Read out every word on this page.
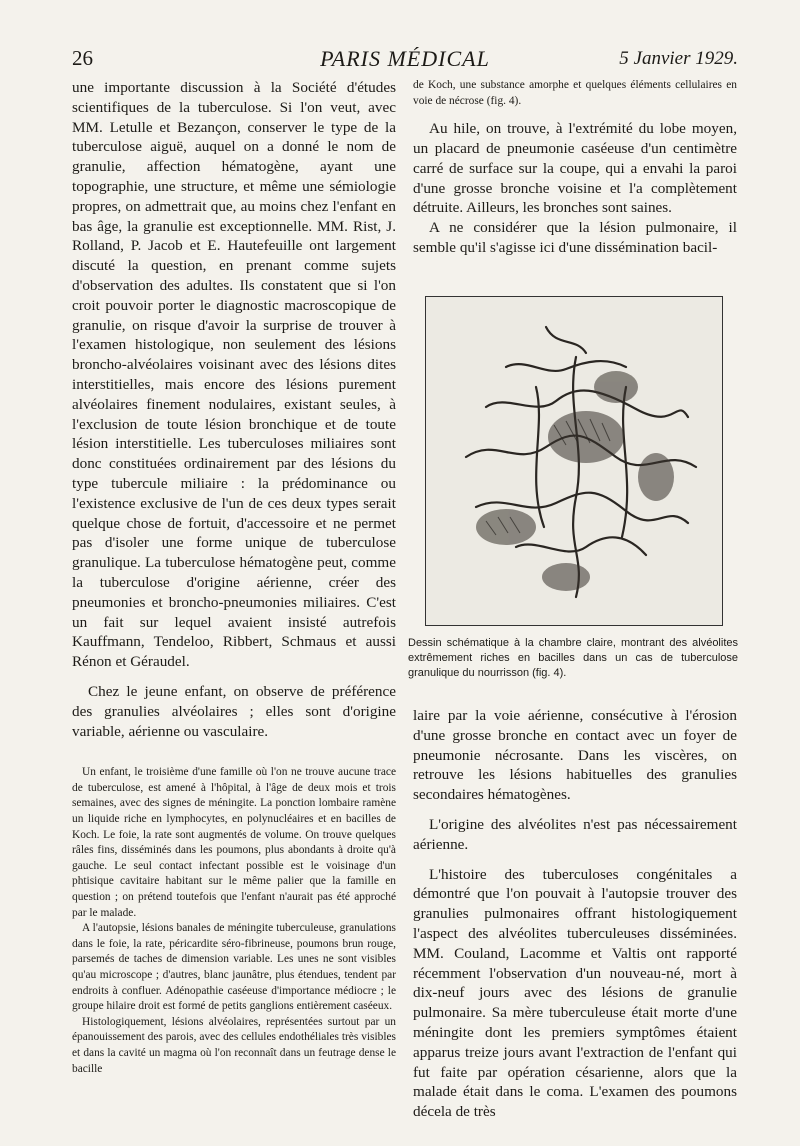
26	PARIS MÉDICAL	5 Janvier 1929.

une importante discussion à la Société d'études scientifiques de la tuberculose. Si l'on veut, avec MM. Letulle et Bezançon, conserver le type de la tuberculose aiguë, auquel on a donné le nom de granulie, affection hématogène, ayant une topographie, une structure, et même une sémiologie propres, on admettrait que, au moins chez l'enfant en bas âge, la granulie est exceptionnelle. MM. Rist, J. Rolland, P. Jacob et E. Hautefeuille ont largement discuté la question, en prenant comme sujets d'observation des adultes. Ils constatent que si l'on croit pouvoir porter le diagnostic macroscopique de granulie, on risque d'avoir la surprise de trouver à l'examen histologique, non seulement des lésions broncho-alvéolaires voisinant avec des lésions dites interstitielles, mais encore des lésions purement alvéolaires finement nodulaires, existant seules, à l'exclusion de toute lésion bronchique et de toute lésion interstitielle. Les tuberculoses miliaires sont donc constituées ordinairement par des lésions du type tubercule miliaire : la prédominance ou l'existence exclusive de l'un de ces deux types serait quelque chose de fortuit, d'accessoire et ne permet pas d'isoler une forme unique de tuberculose granulique. La tuberculose hématogène peut, comme la tuberculose d'origine aérienne, créer des pneumonies et broncho-pneumonies miliaires. C'est un fait sur lequel avaient insisté autrefois Kauffmann, Tendeloo, Ribbert, Schmaus et aussi Rénon et Géraudel.

Chez le jeune enfant, on observe de préférence des granulies alvéolaires ; elles sont d'origine variable, aérienne ou vasculaire.

Un enfant, le troisième d'une famille où l'on ne trouve aucune trace de tuberculose, est amené à l'hôpital, à l'âge de deux mois et trois semaines, avec des signes de méningite. La ponction lombaire ramène un liquide riche en lymphocytes, en polynucléaires et en bacilles de Koch. Le foie, la rate sont augmentés de volume. On trouve quelques râles fins, disséminés dans les poumons, plus abondants à droite qu'à gauche. Le seul contact infectant possible est le voisinage d'un phtisique cavitaire habitant sur le même palier que la famille en question ; on prétend toutefois que l'enfant n'aurait pas été approché par le malade.

A l'autopsie, lésions banales de méningite tuberculeuse, granulations dans le foie, la rate, péricardite séro-fibrineuse, poumons brun rouge, parsemés de taches de dimension variable. Les unes ne sont visibles qu'au microscope ; d'autres, blanc jaunâtre, plus étendues, tendent par endroits à confluer. Adénopathie caséeuse d'importance médiocre ; le groupe hilaire droit est formé de petits ganglions entièrement caséeux.

Histologiquement, lésions alvéolaires, représentées surtout par un épanouissement des parois, avec des cellules endothéliales très visibles et dans la cavité un magma où l'on reconnaît dans un feutrage dense le bacille

de Koch, une substance amorphe et quelques éléments cellulaires en voie de nécrose (fig. 4).

Au hile, on trouve, à l'extrémité du lobe moyen, un placard de pneumonie caséeuse d'un centimètre carré de surface sur la coupe, qui a envahi la paroi d'une grosse bronche voisine et l'a complètement détruite. Ailleurs, les bronches sont saines.

A ne considérer que la lésion pulmonaire, il semble qu'il s'agisse ici d'une dissémination bacil-

Dessin schématique à la chambre claire, montrant des alvéolites extrêmement riches en bacilles dans un cas de tuberculose granulique du nourrisson (fig. 4).

laire par la voie aérienne, consécutive à l'érosion d'une grosse bronche en contact avec un foyer de pneumonie nécrosante. Dans les viscères, on retrouve les lésions habituelles des granulies secondaires hématogènes.

L'origine des alvéolites n'est pas nécessairement aérienne.

L'histoire des tuberculoses congénitales a démontré que l'on pouvait à l'autopsie trouver des granulies pulmonaires offrant histologiquement l'aspect des alvéolites tuberculeuses disséminées. MM. Couland, Lacomme et Valtis ont rapporté récemment l'observation d'un nouveau-né, mort à dix-neuf jours avec des lésions de granulie pulmonaire. Sa mère tuberculeuse était morte d'une méningite dont les premiers symptômes étaient apparus treize jours avant l'extraction de l'enfant qui fut faite par opération césarienne, alors que la malade était dans le coma. L'examen des poumons décela de très
